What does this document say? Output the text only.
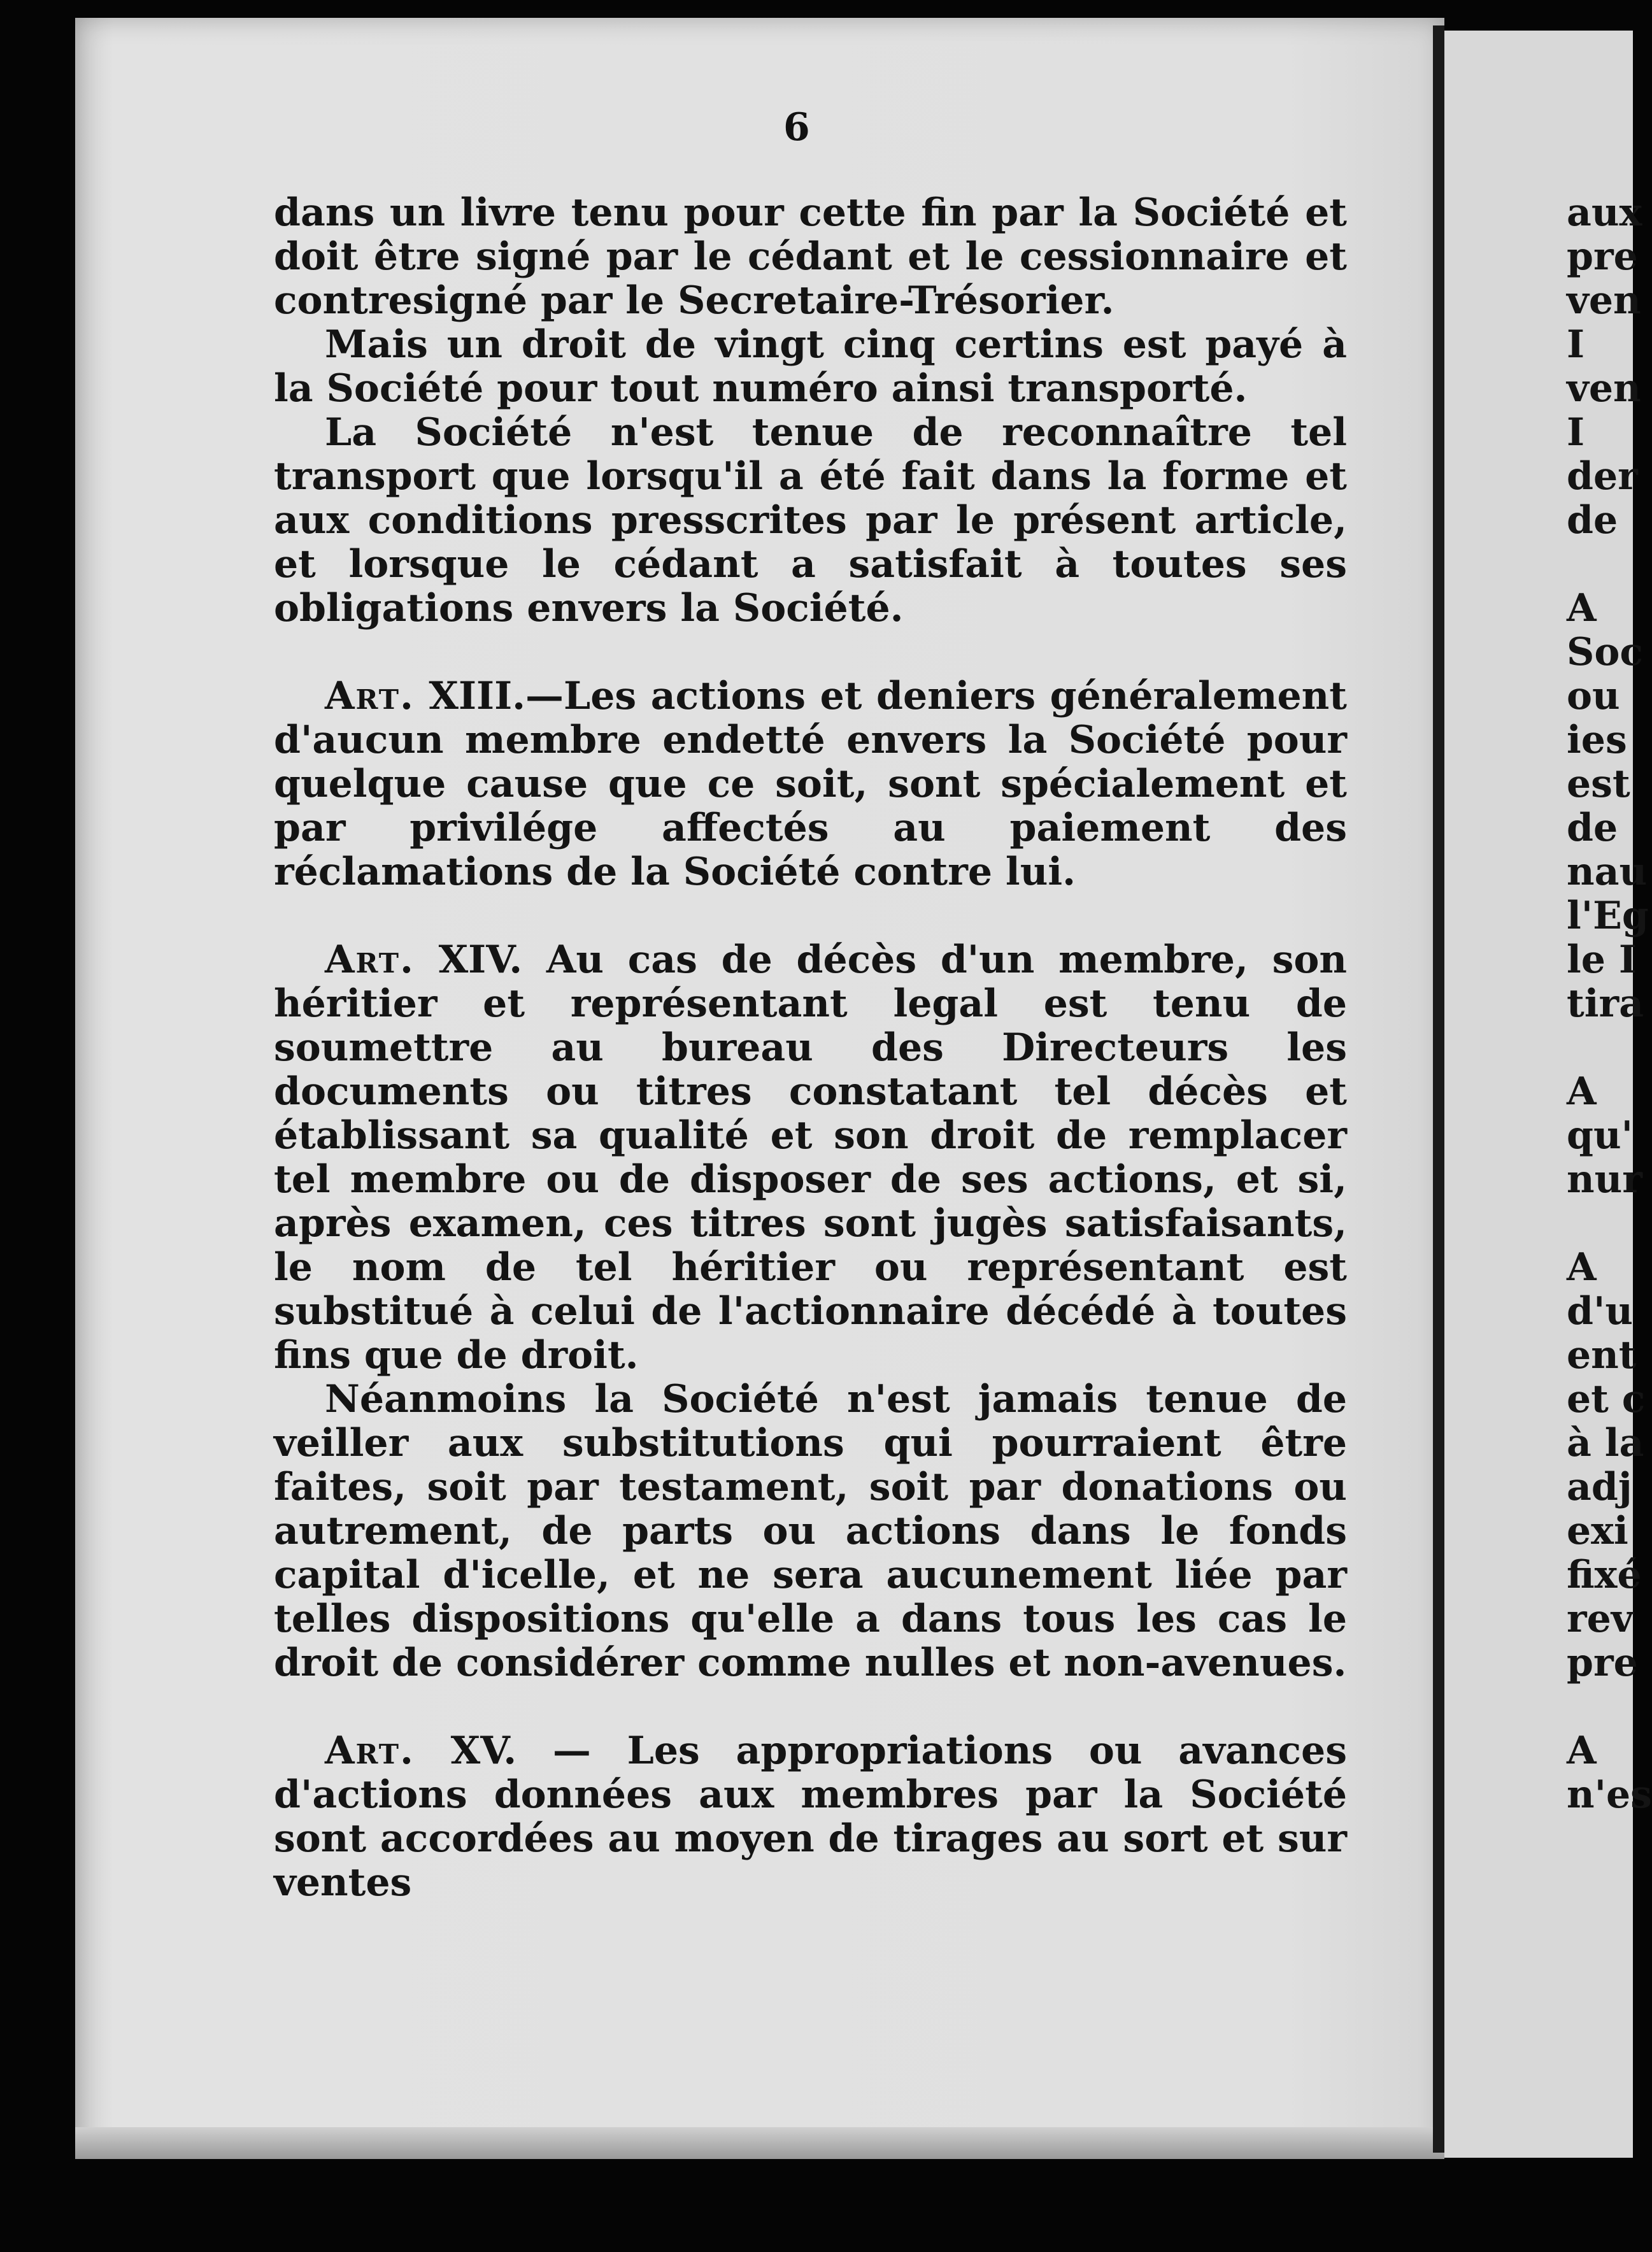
6

dans un livre tenu pour cette fin par la Société et doit être signé par le cédant et le cessionnaire et contresigné par le Secretaire-Trésorier.

Mais un droit de vingt cinq certins est payé à la Société pour tout numéro ainsi transporté.

La Société n'est tenue de reconnaître tel transport que lorsqu'il a été fait dans la forme et aux conditions presscrites par le présent article, et lorsque le cédant a satisfait à toutes ses obligations envers la Société.

Art. XIII.—Les actions et deniers généralement d'aucun membre endetté envers la Société pour quelque cause que ce soit, sont spécialement et par privilége affectés au paiement des réclamations de la Société contre lui.

Art. XIV. Au cas de décès d'un membre, son héritier et représentant legal est tenu de soumettre au bureau des Directeurs les documents ou titres constatant tel décès et établissant sa qualité et son droit de remplacer tel membre ou de disposer de ses actions, et si, après examen, ces titres sont jugès satisfaisants, le nom de tel héritier ou représentant est substitué à celui de l'actionnaire décédé à toutes fins que de droit.

Néanmoins la Société n'est jamais tenue de veiller aux substitutions qui pourraient être faites, soit par testament, soit par donations ou autrement, de parts ou actions dans le fonds capital d'icelle, et ne sera aucunement liée par telles dispositions qu'elle a dans tous les cas le droit de considérer comme nulles et non-avenues.

Art. XV. — Les appropriations ou avances d'actions données aux membres par la Société sont accordées au moyen de tirages au sort et sur ventes

aux
pre
ven
I
ven
I
der
de
A
Soc
ou
ies
est
de
nau
l'Eg
le I
tira
A
qu'
nur
A
d'u
ent
et c
à la
adj
exi
fixé
rev
pre
A
n'es
